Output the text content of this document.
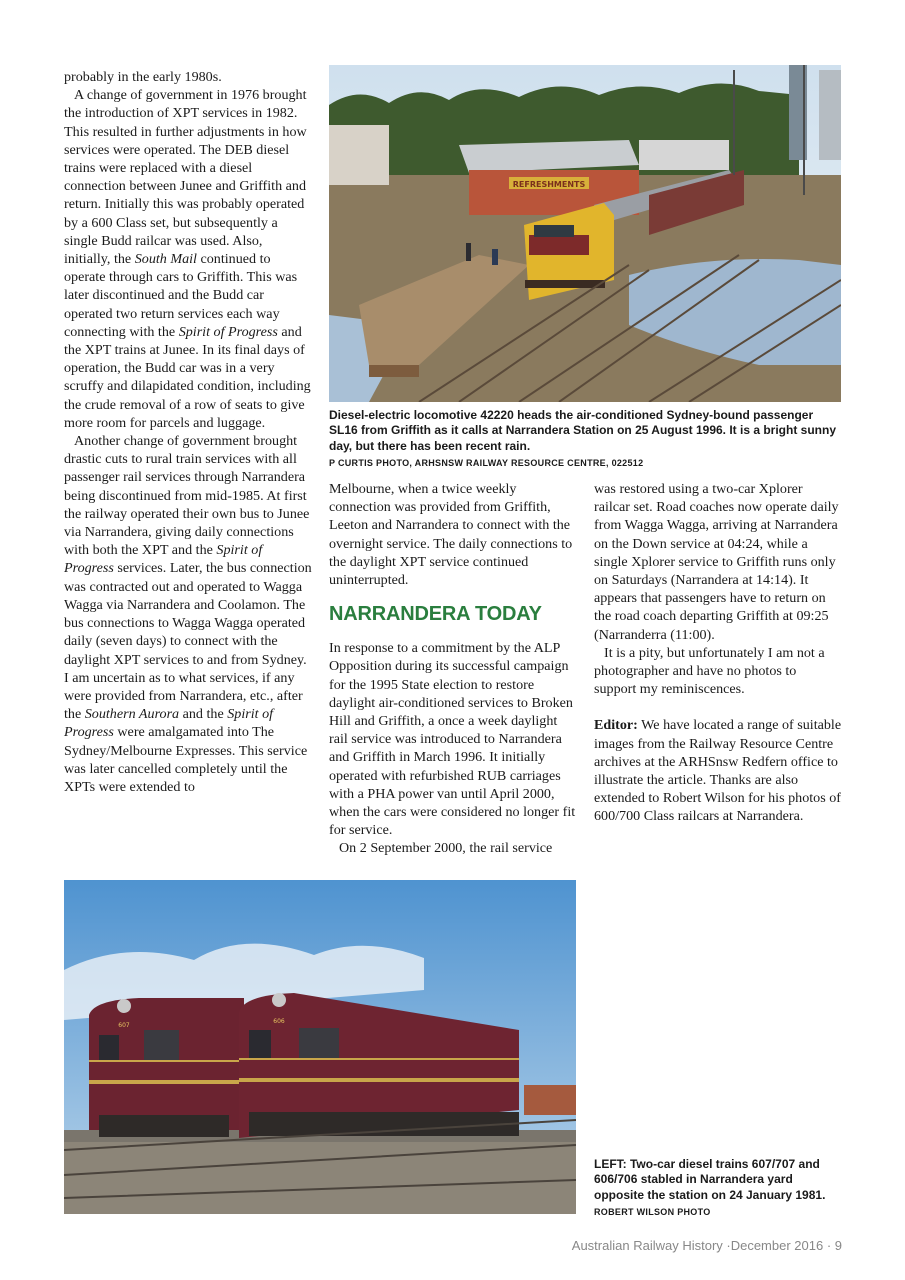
probably in the early 1980s.

A change of government in 1976 brought the introduction of XPT services in 1982. This resulted in further adjustments in how services were operated. The DEB diesel trains were replaced with a diesel connection between Junee and Griffith and return. Initially this was probably operated by a 600 Class set, but subsequently a single Budd railcar was used. Also, initially, the South Mail continued to operate through cars to Griffith. This was later discontinued and the Budd car operated two return services each way connecting with the Spirit of Progress and the XPT trains at Junee. In its final days of operation, the Budd car was in a very scruffy and dilapidated condition, including the crude removal of a row of seats to give more room for parcels and luggage.

Another change of government brought drastic cuts to rural train services with all passenger rail services through Narrandera being discontinued from mid-1985. At first the railway operated their own bus to Junee via Narrandera, giving daily connections with both the XPT and the Spirit of Progress services. Later, the bus connection was contracted out and operated to Wagga Wagga via Narrandera and Coolamon. The bus connections to Wagga Wagga operated daily (seven days) to connect with the daylight XPT services to and from Sydney. I am uncertain as to what services, if any were provided from Narrandera, etc., after the Southern Aurora and the Spirit of Progress were amalgamated into The Sydney/Melbourne Expresses. This service was later cancelled completely until the XPTs were extended to

REFRESHMENTS
Diesel-electric locomotive 42220 heads the air-conditioned Sydney-bound passenger SL16 from Griffith as it calls at Narrandera Station on 25 August 1996. It is a bright sunny day, but there has been recent rain.
P CURTIS PHOTO, ARHSNSW RAILWAY RESOURCE CENTRE, 022512

Melbourne, when a twice weekly connection was provided from Griffith, Leeton and Narrandera to connect with the overnight service. The daily connections to the daylight XPT service continued uninterrupted.

NARRANDERA TODAY

In response to a commitment by the ALP Opposition during its successful campaign for the 1995 State election to restore daylight air-conditioned services to Broken Hill and Griffith, a once a week daylight rail service was introduced to Narrandera and Griffith in March 1996. It initially operated with refurbished RUB carriages with a PHA power van until April 2000, when the cars were considered no longer fit for service.

On 2 September 2000, the rail service

was restored using a two-car Xplorer railcar set. Road coaches now operate daily from Wagga Wagga, arriving at Narrandera on the Down service at 04:24, while a single Xplorer service to Griffith runs only on Saturdays (Narrandera at 14:14). It appears that passengers have to return on the road coach departing Griffith at 09:25 (Narranderra (11:00).

It is a pity, but unfortunately I am not a photographer and have no photos to support my reminiscences.

Editor: We have located a range of suitable images from the Railway Resource Centre archives at the ARHSnsw Redfern office to illustrate the article. Thanks are also extended to Robert Wilson for his photos of 600/700 Class railcars at Narrandera.

607
606
LEFT: Two-car diesel trains 607/707 and 606/706 stabled in Narrandera yard opposite the station on 24 January 1981.
ROBERT WILSON PHOTO
Australian Railway History ·December 2016 · 9
